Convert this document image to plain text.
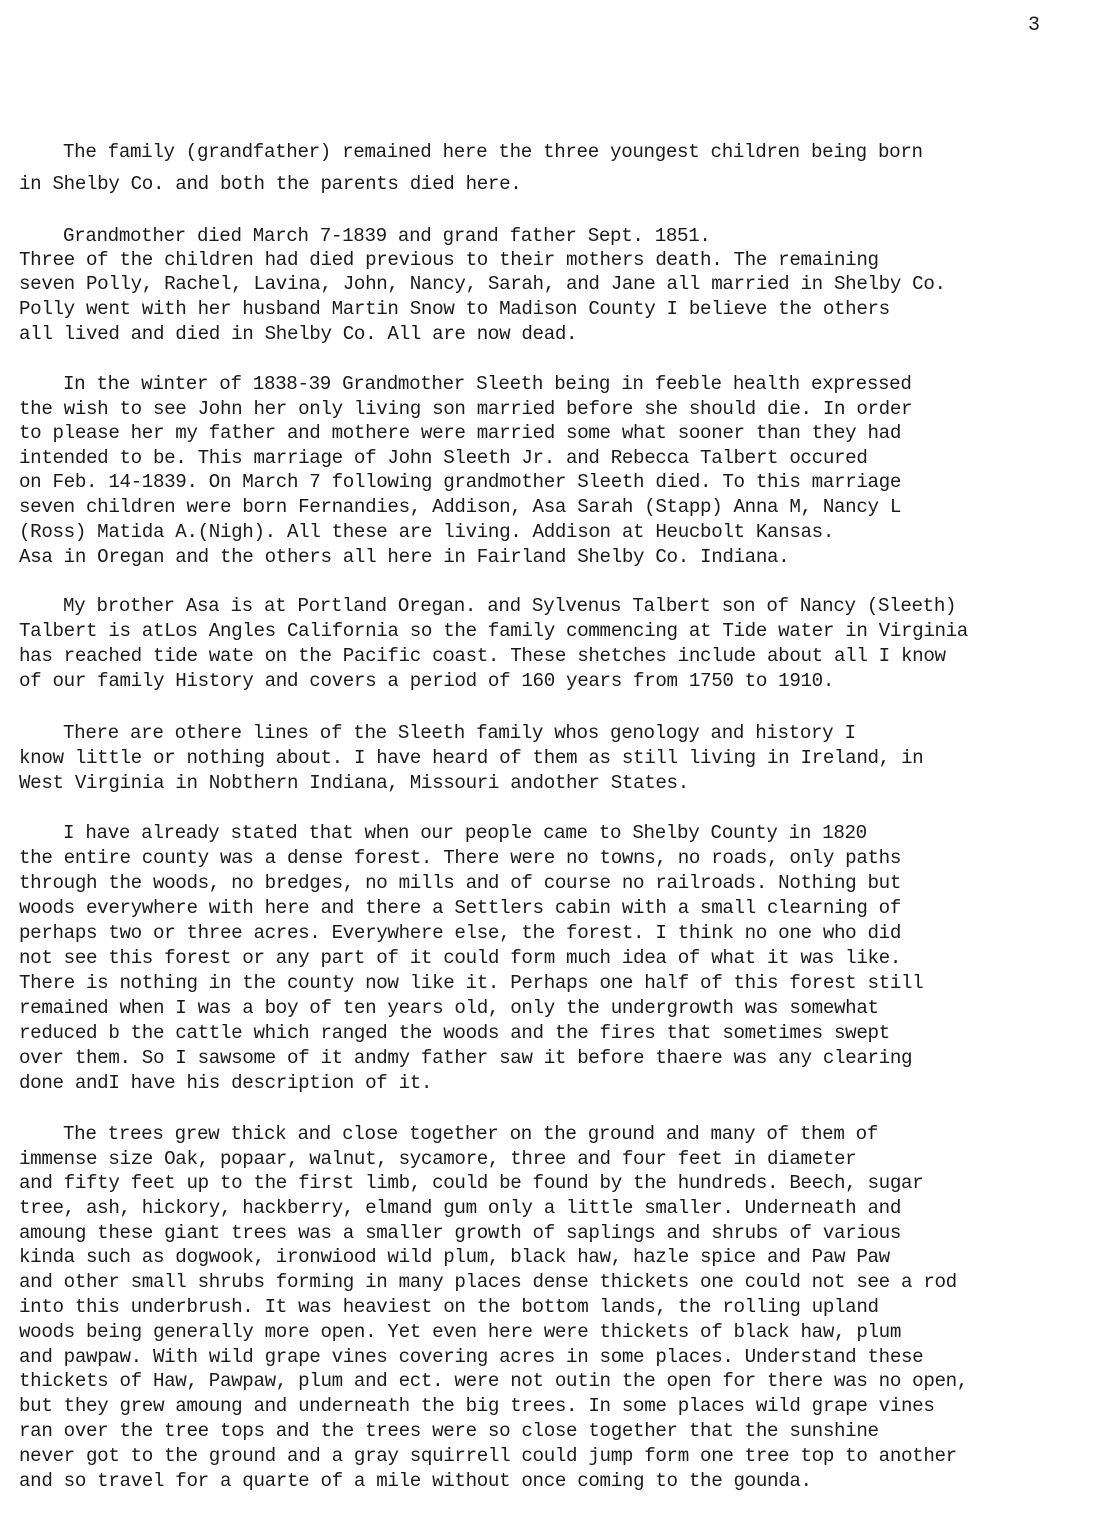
3
The family (grandfather) remained here the three youngest children being born
in Shelby Co. and both the parents died here.
Grandmother died March 7-1839 and grand father Sept. 1851.
Three of the children had died previous to their mothers death. The remaining
seven Polly, Rachel, Lavina, John, Nancy, Sarah, and Jane all married in Shelby Co.
Polly went with her husband Martin Snow to Madison County I believe the others
all lived and died in Shelby Co. All are now dead.
In the winter of 1838-39 Grandmother Sleeth being in feeble health expressed
the wish to see John her only living son married before she should die. In order
to please her my father and mothere were married some what sooner than they had
intended to be. This marriage of John Sleeth Jr. and Rebecca Talbert occured
on Feb. 14-1839. On March 7 following grandmother Sleeth died. To this marriage
seven children were born Fernandies, Addison, Asa Sarah (Stapp) Anna M, Nancy L
(Ross) Matida A.(Nigh). All these are living. Addison at Heucbolt Kansas.
Asa in Oregan and the others all here in Fairland Shelby Co. Indiana.
My brother Asa is at Portland Oregan. and Sylvenus Talbert son of Nancy (Sleeth)
Talbert is atLos Angles California so the family commencing at Tide water in Virginia
has reached tide wate on the Pacific coast. These shetches include about all I know
of our family History and covers a period of 160 years from 1750 to 1910.
There are othere lines of the Sleeth family whos genology and history I
know little or nothing about. I have heard of them as still living in Ireland, in
West Virginia in Nobthern Indiana, Missouri andother States.
I have already stated that when our people came to Shelby County in 1820
the entire county was a dense forest. There were no towns, no roads, only paths
through the woods, no bredges, no mills and of course no railroads. Nothing but
woods everywhere with here and there a Settlers cabin with a small clearning of
perhaps two or three acres. Everywhere else, the forest. I think no one who did
not see this forest or any part of it could form much idea of what it was like.
There is nothing in the county now like it. Perhaps one half of this forest still
remained when I was a boy of ten years old, only the undergrowth was somewhat
reduced b the cattle which ranged the woods and the fires that sometimes swept
over them. So I sawsome of it andmy father saw it before thaere was any clearing
done andI have his description of it.
The trees grew thick and close together on the ground and many of them of
immense size Oak, popaar, walnut, sycamore, three and four feet in diameter
and fifty feet up to the first limb, could be found by the hundreds. Beech, sugar
tree, ash, hickory, hackberry, elmand gum only a little smaller. Underneath and
amoung these giant trees was a smaller growth of saplings and shrubs of various
kinda such as dogwook, ironwiood wild plum, black haw, hazle spice and Paw Paw
and other small shrubs forming in many places dense thickets one could not see a rod
into this underbrush. It was heaviest on the bottom lands, the rolling upland
woods being generally more open. Yet even here were thickets of black haw, plum
and pawpaw. With wild grape vines covering acres in some places. Understand these
thickets of Haw, Pawpaw, plum and ect. were not outin the open for there was no open,
but they grew amoung and underneath the big trees. In some places wild grape vines
ran over the tree tops and the trees were so close together that the sunshine
never got to the ground and a gray squirrell could jump form one tree top to another
and so travel for a quarte of a mile without once coming to the gounda.
